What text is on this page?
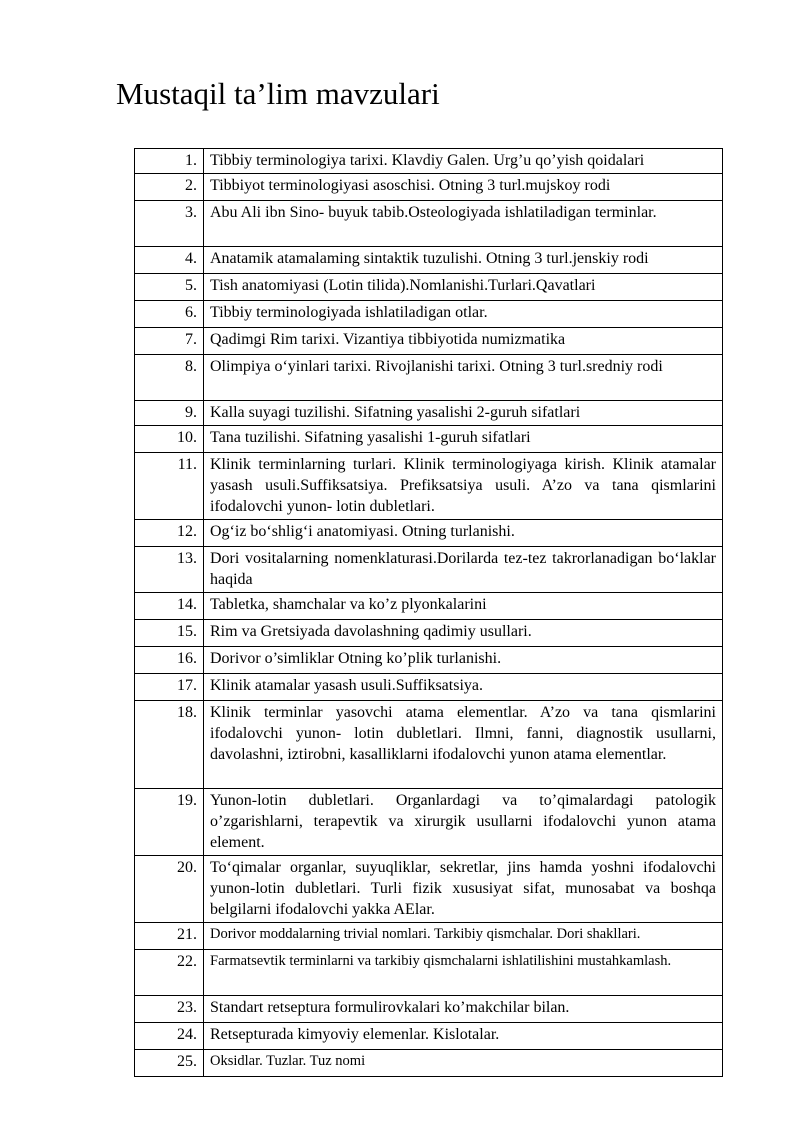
Mustaqil ta’lim mavzulari
1.	Tibbiy terminologiya tarixi. Klavdiy Galen. Urg’u qo’yish qoidalari
2.	Tibbiyot terminologiyasi asoschisi. Otning 3 turl.mujskoy rodi
3.	Abu Ali ibn Sino- buyuk tabib.Osteologiyada ishlatiladigan terminlar.
4.	Anatamik atamalaming sintaktik tuzulishi. Otning 3 turl.jenskiy rodi
5.	Tish anatomiyasi (Lotin tilida).Nomlanishi.Turlari.Qavatlari
6.	Tibbiy terminologiyada ishlatiladigan otlar.
7.	Qadimgi Rim tarixi. Vizantiya tibbiyotida numizmatika
8.	Olimpiya o‘yinlari tarixi. Rivojlanishi tarixi. Otning 3 turl.sredniy rodi
9.	Kalla suyagi tuzilishi. Sifatning yasalishi 2-guruh sifatlari
10.	Tana tuzilishi. Sifatning yasalishi 1-guruh sifatlari
11.	Klinik terminlarning turlari. Klinik terminologiyaga kirish. Klinik atamalar yasash usuli.Suffiksatsiya. Prefiksatsiya usuli. A’zo va tana qismlarini ifodalovchi yunon- lotin dubletlari.
12.	Og‘iz bo‘shlig‘i anatomiyasi. Otning turlanishi.
13.	Dori vositalarning nomenklaturasi.Dorilarda tez-tez takrorlanadigan bo‘laklar haqida
14.	Tabletka, shamchalar va ko’z plyonkalarini
15.	Rim va Gretsiyada davolashning qadimiy usullari.
16.	Dorivor o’simliklar Otning ko’plik turlanishi.
17.	Klinik atamalar yasash usuli.Suffiksatsiya.
18.	Klinik terminlar yasovchi atama elementlar. A’zo va tana qismlarini ifodalovchi yunon- lotin dubletlari. Ilmni, fanni, diagnostik usullarni, davolashni, iztirobni, kasalliklarni ifodalovchi yunon atama elementlar.
19.	Yunon-lotin dubletlari. Organlardagi va to’qimalardagi patologik o’zgarishlarni, terapevtik va xirurgik usullarni ifodalovchi yunon atama element.
20.	To‘qimalar organlar, suyuqliklar, sekretlar, jins hamda yoshni ifodalovchi yunon-lotin dubletlari. Turli fizik xususiyat sifat, munosabat va boshqa belgilarni ifodalovchi yakka AElar.
21.	Dorivor moddalarning trivial nomlari. Tarkibiy qismchalar. Dori shakllari.
22.	Farmatsevtik terminlarni va tarkibiy qismchalarni ishlatilishini mustahkamlash.
23.	Standart retseptura formulirovkalari ko’makchilar bilan.
24.	Retsepturada kimyoviy elemenlar. Kislotalar.
25.	Oksidlar. Tuzlar. Tuz nomi
